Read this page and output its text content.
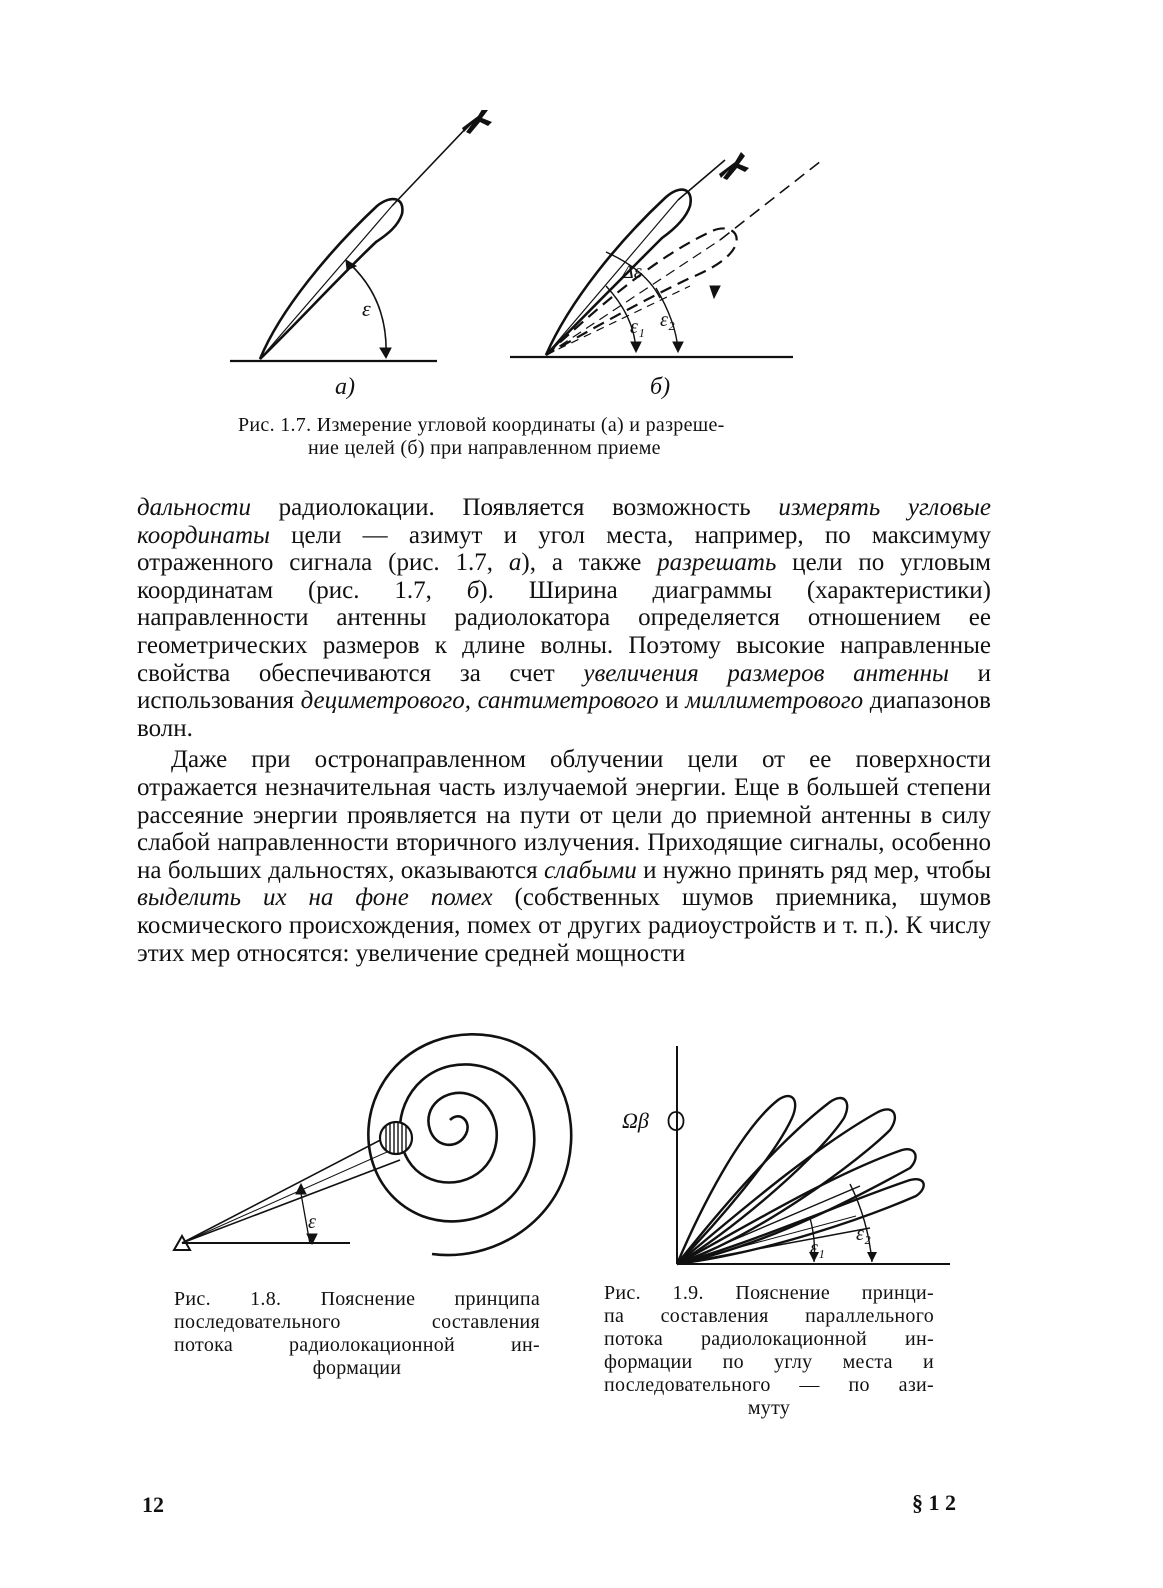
ε
а)
Δε
ε₁ ε₂
б)
Рис. 1.7. Измерение угловой координаты (а) и разреше-
ние целей (б) при направленном приеме

дальности радиолокации. Появляется возможность измерять угловые координаты цели — азимут и угол места, например, по максимуму отраженного сигнала (рис. 1.7, а), а также разрешать цели по угловым координатам (рис. 1.7, б). Ширина диаграммы (характеристики) направленности антенны радиолокатора определяется отношением ее геометрических размеров к длине волны. Поэтому высокие направленные свойства обеспечиваются за счет увеличения размеров антенны и использования дециметрового, сантиметрового и миллиметрового диапазонов волн.

Даже при остронаправленном облучении цели от ее поверхности отражается незначительная часть излучаемой энергии. Еще в большей степени рассеяние энергии проявляется на пути от цели до приемной антенны в силу слабой направленности вторичного излучения. Приходящие сигналы, особенно на больших дальностях, оказываются слабыми и нужно принять ряд мер, чтобы выделить их на фоне помех (собственных шумов приемника, шумов космического происхождения, помех от других радиоустройств и т. п.). К числу этих мер относятся: увеличение средней мощности

ε
Рис. 1.8. Пояснение принципа
последовательного составления
потока радиолокационной ин-
формации
Ωβ
ε₁
ε₂
Рис. 1.9. Пояснение принци-
па составления параллельного
потока радиолокационной ин-
формации по углу места и
последовательного — по ази-
муту
12	§ 1 2
